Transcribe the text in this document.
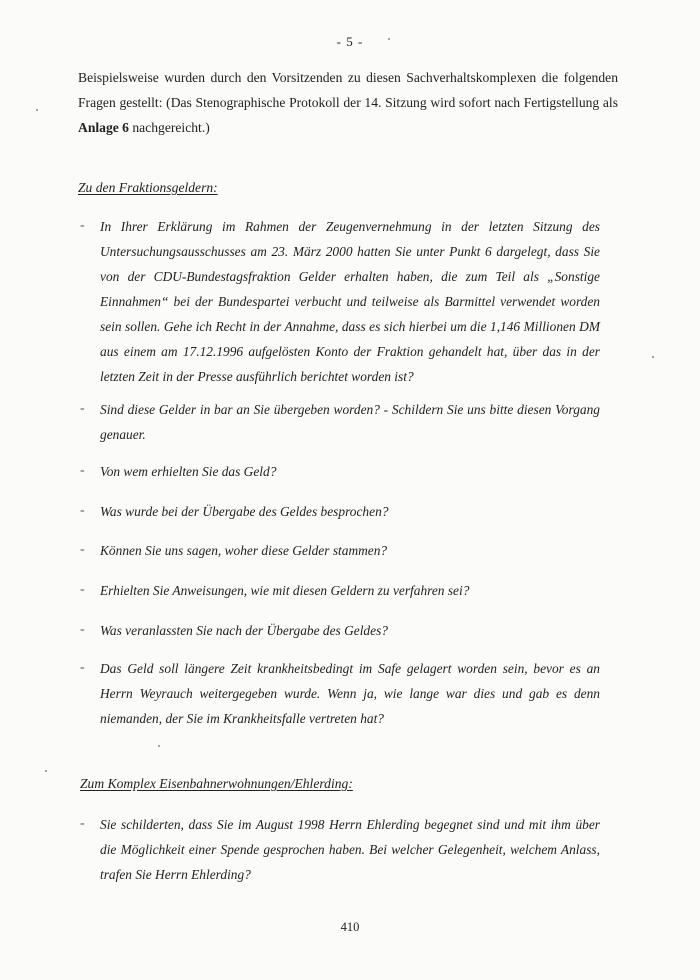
- 5 -

Beispielsweise wurden durch den Vorsitzenden zu diesen Sachverhaltskomplexen die folgenden Fragen gestellt: (Das Stenographische Protokoll der 14. Sitzung wird sofort nach Fertigstellung als Anlage 6 nachgereicht.)

Zu den Fraktionsgeldern:
- In Ihrer Erklärung im Rahmen der Zeugenvernehmung in der letzten Sitzung des Untersuchungsausschusses am 23. März 2000 hatten Sie unter Punkt 6 dargelegt, dass Sie von der CDU-Bundestagsfraktion Gelder erhalten haben, die zum Teil als „Sonstige Einnahmen“ bei der Bundespartei verbucht und teilweise als Barmittel verwendet worden sein sollen. Gehe ich Recht in der Annahme, dass es sich hierbei um die 1,146 Millionen DM aus einem am 17.12.1996 aufgelösten Konto der Fraktion gehandelt hat, über das in der letzten Zeit in der Presse ausführlich berichtet worden ist?

- Sind diese Gelder in bar an Sie übergeben worden? - Schildern Sie uns bitte diesen Vorgang genauer.

- Von wem erhielten Sie das Geld?

- Was wurde bei der Übergabe des Geldes besprochen?

- Können Sie uns sagen, woher diese Gelder stammen?

- Erhielten Sie Anweisungen, wie mit diesen Geldern zu verfahren sei?

- Was veranlassten Sie nach der Übergabe des Geldes?

- Das Geld soll längere Zeit krankheitsbedingt im Safe gelagert worden sein, bevor es an Herrn Weyrauch weitergegeben wurde. Wenn ja, wie lange war dies und gab es denn niemanden, der Sie im Krankheitsfalle vertreten hat?

Zum Komplex Eisenbahnerwohnungen/Ehlerding:
- Sie schilderten, dass Sie im August 1998 Herrn Ehlerding begegnet sind und mit ihm über die Möglichkeit einer Spende gesprochen haben. Bei welcher Gelegenheit, welchem Anlass, trafen Sie Herrn Ehlerding?

410
